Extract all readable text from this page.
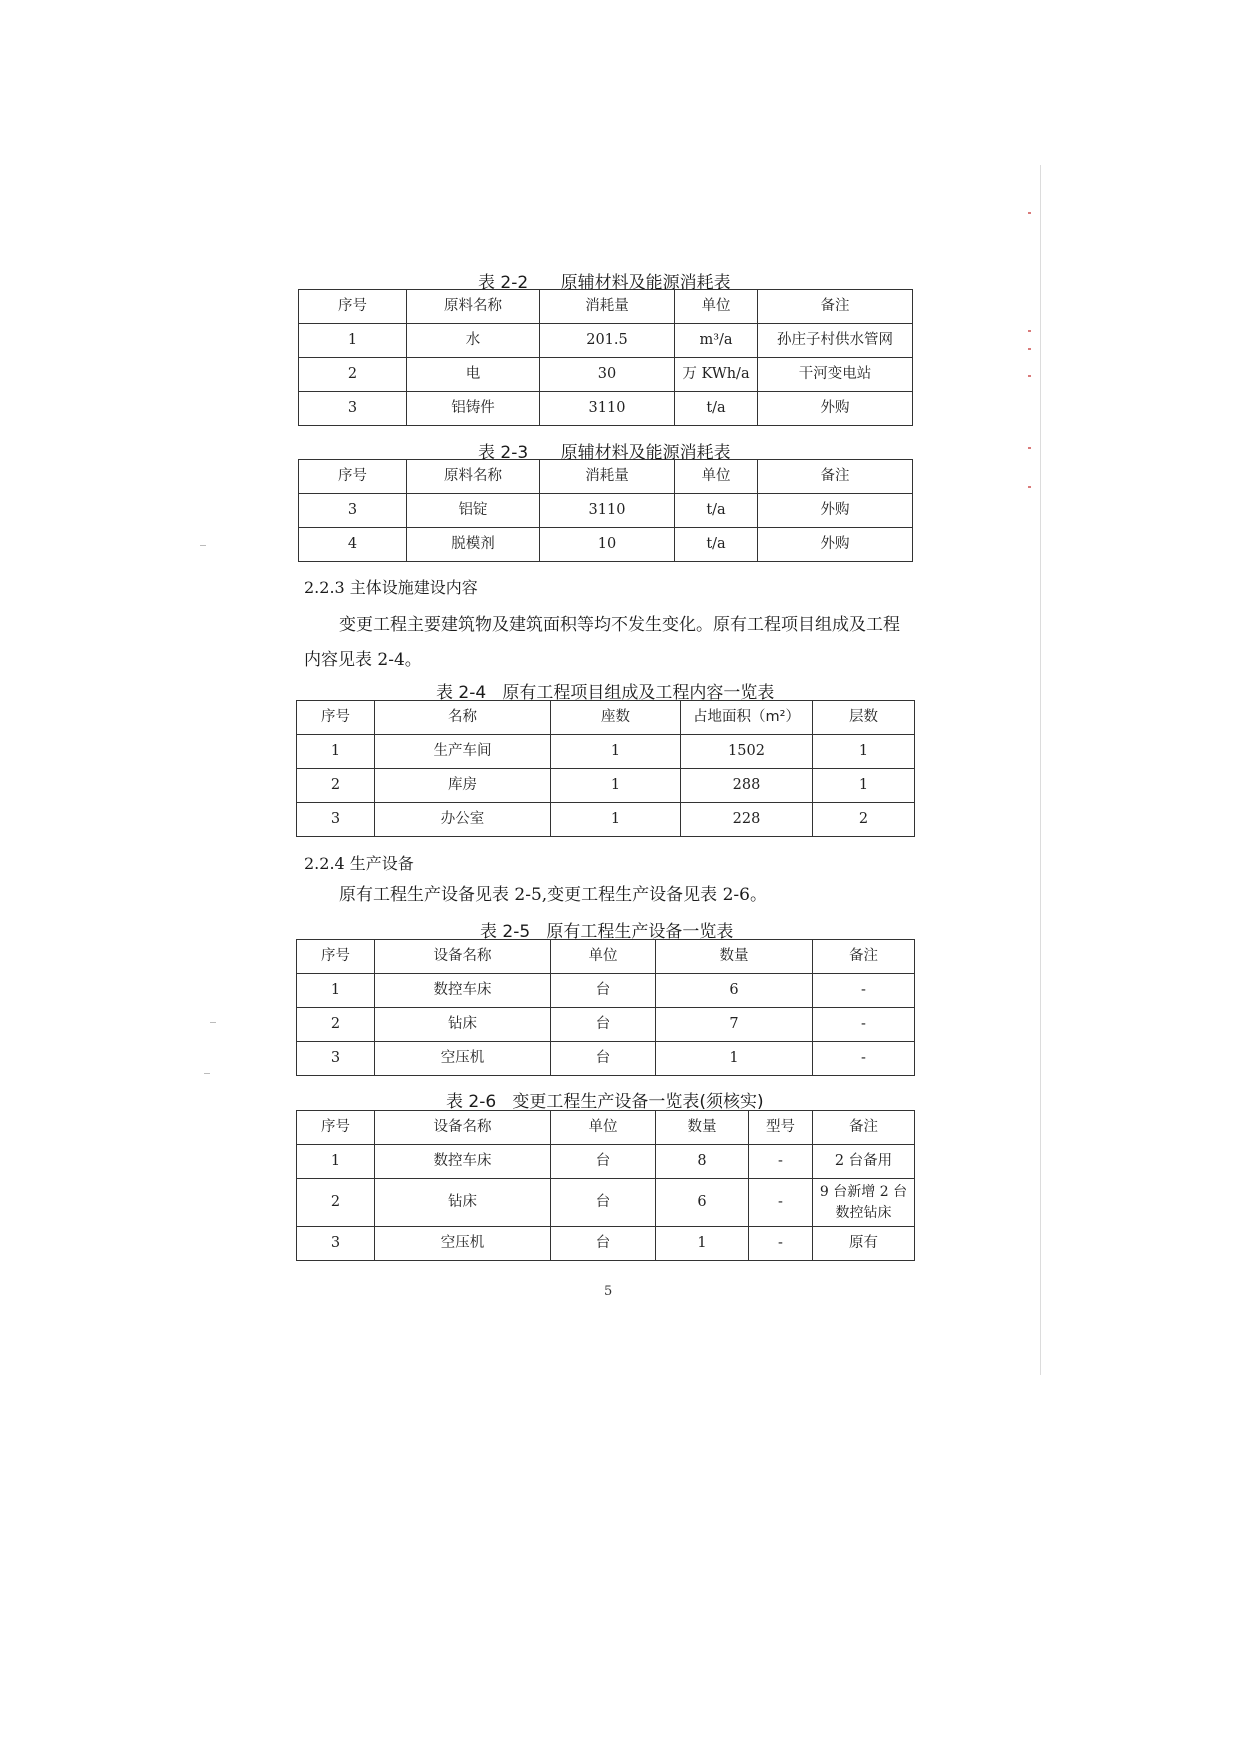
表 2-2      原辅材料及能源消耗表
序号	原料名称	消耗量	单位	备注
1	水	201.5	m³/a	孙庄子村供水管网
2	电	30	万 KWh/a	干河变电站
3	铝铸件	3110	t/a	外购
表 2-3      原辅材料及能源消耗表
序号	原料名称	消耗量	单位	备注
3	铝锭	3110	t/a	外购
4	脱模剂	10	t/a	外购
2.2.3 主体设施建设内容
变更工程主要建筑物及建筑面积等均不发生变化。原有工程项目组成及工程
内容见表 2-4。
表 2-4   原有工程项目组成及工程内容一览表
序号	名称	座数	占地面积（m²）	层数
1	生产车间	1	1502	1
2	库房	1	288	1
3	办公室	1	228	2
2.2.4 生产设备
原有工程生产设备见表 2-5,变更工程生产设备见表 2-6。
表 2-5   原有工程生产设备一览表
序号	设备名称	单位	数量	备注
1	数控车床	台	6	-
2	钻床	台	7	-
3	空压机	台	1	-
表 2-6   变更工程生产设备一览表(须核实)
序号	设备名称	单位	数量	型号	备注
1	数控车床	台	8	-	2 台备用
2	钻床	台	6	-	9 台新增 2 台
数控钻床
3	空压机	台	1	-	原有
5
